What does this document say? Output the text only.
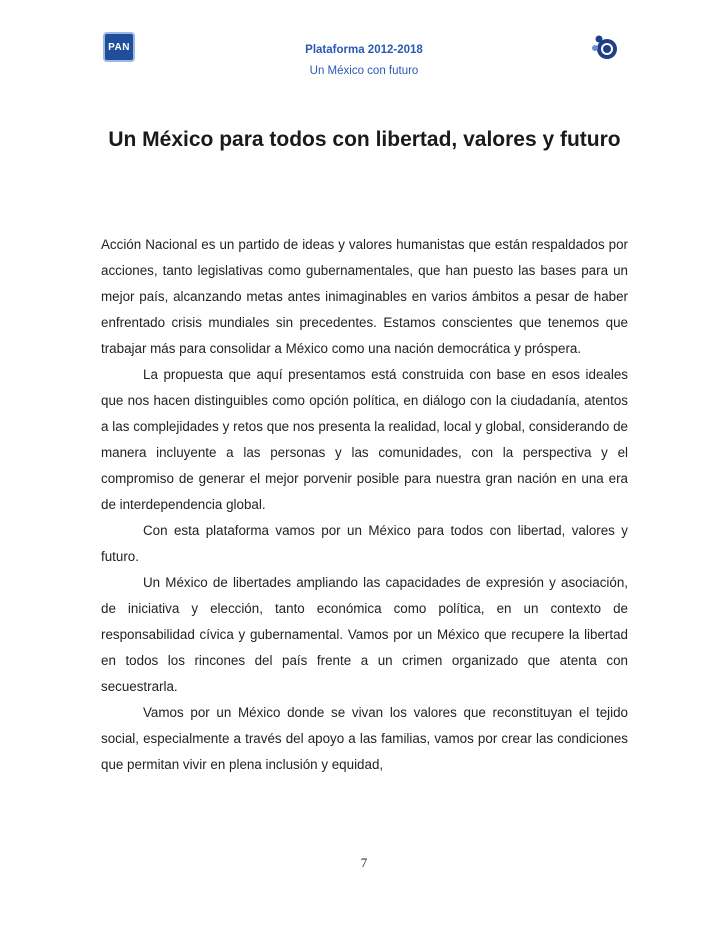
PAN	Plataforma 2012-2018
Un México con futuro
Un México para todos con libertad, valores y futuro

Acción Nacional es un partido de ideas y valores humanistas que están respaldados por acciones, tanto legislativas como gubernamentales, que han puesto las bases para un mejor país, alcanzando metas antes inimaginables en varios ámbitos a pesar de haber enfrentado crisis mundiales sin precedentes. Estamos conscientes que tenemos que trabajar más para consolidar a México como una nación democrática y próspera.

La propuesta que aquí presentamos está construida con base en esos ideales que nos hacen distinguibles como opción política, en diálogo con la ciudadanía, atentos a las complejidades y retos que nos presenta la realidad, local y global, considerando de manera incluyente a las personas y las comunidades, con la perspectiva y el compromiso de generar el mejor porvenir posible para nuestra gran nación en una era de interdependencia global.

Con esta plataforma vamos por un México para todos con libertad, valores y futuro.

Un México de libertades ampliando las capacidades de expresión y asociación, de iniciativa y elección, tanto económica como política, en un contexto de responsabilidad cívica y gubernamental. Vamos por un México que recupere la libertad en todos los rincones del país frente a un crimen organizado que atenta con secuestrarla.

Vamos por un México donde se vivan los valores que reconstituyan el tejido social, especialmente a través del apoyo a las familias, vamos por crear las condiciones que permitan vivir en plena inclusión y equidad,

7
